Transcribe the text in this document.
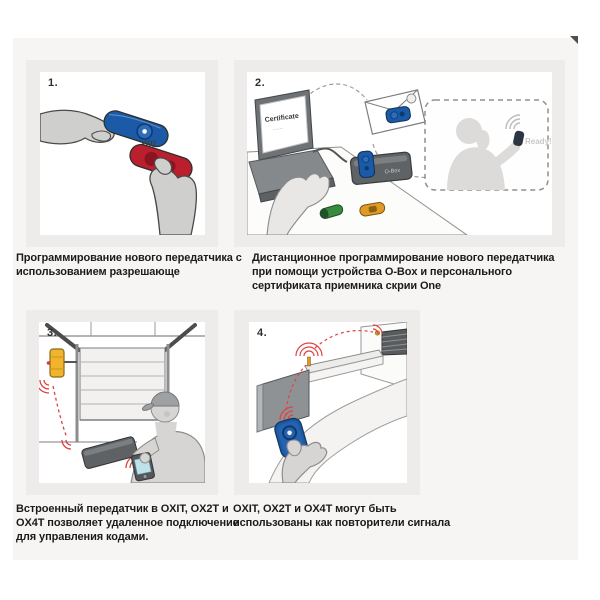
1.	2.
Ready!
Certificate
......
O-Box
3.	4.
Программирование нового передатчика с использованием разрешающе
Дистанционное программирование нового передатчика при помощи устройства O-Box и персонального сертификата приемника скрии One
Встроенный передатчик в OXIT, OX2T и OX4T позволяет удаленное подключение для управления кодами.
OXIT, OX2T и OX4T могут быть использованы как повторители сигнала
